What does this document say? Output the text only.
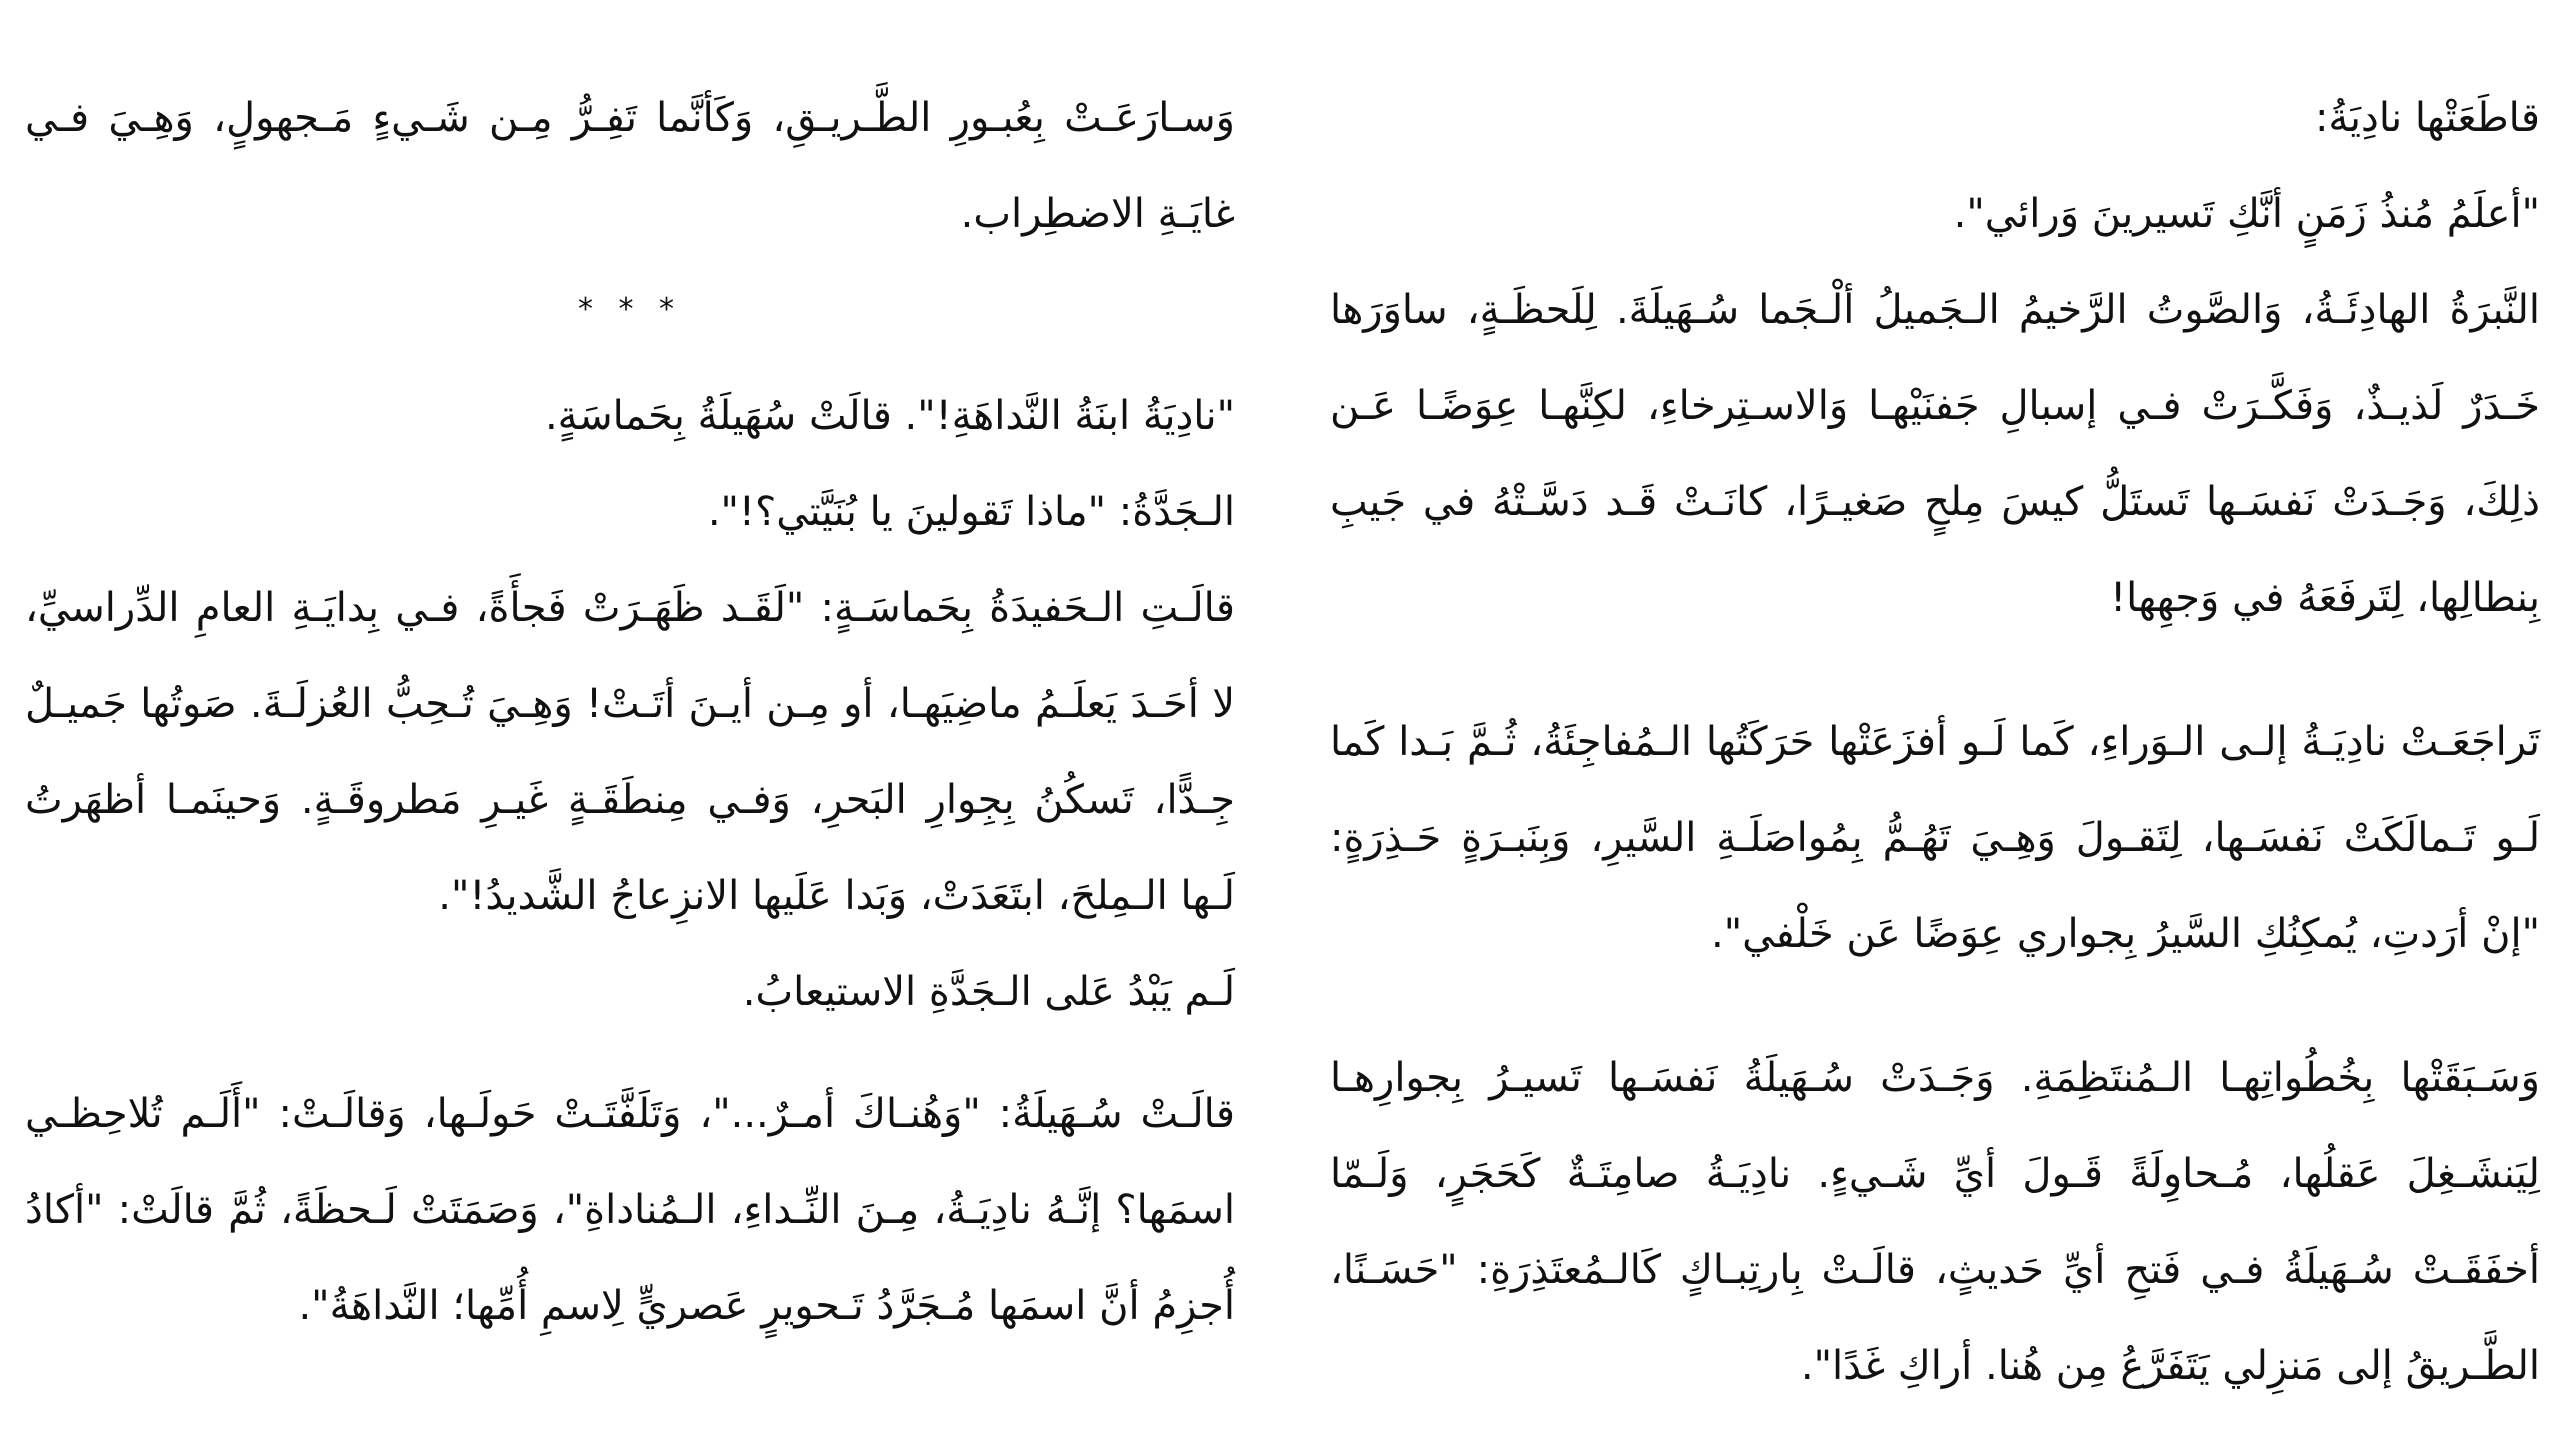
قاطَعَتْها نادِيَةُ:

"أعلَمُ مُنذُ زَمَنٍ أنَّكِ تَسيرينَ وَرائي".

النَّبرَةُ الهادِئَـةُ، وَالصَّوتُ الرَّخيمُ الـجَميلُ ألْـجَما سُـهَيلَةَ. لِلَحظَـةٍ، ساوَرَها خَـدَرٌ لَذيـذٌ، وَفَكَّـرَتْ فـي إسبالِ جَفنَيْهـا وَالاسـتِرخاءِ، لكِنَّهـا عِوَضًـا عَـن ذلِكَ، وَجَـدَتْ نَفسَـها تَستَلُّ كيسَ مِلحٍ صَغيـرًا، كانَـتْ قَـد دَسَّـتْهُ في جَيبِ بِنطالِها، لِتَرفَعَهُ في وَجهِها!

تَراجَعَـتْ نادِيَـةُ إلـى الـوَراءِ، كَما لَـو أفزَعَتْها حَرَكَتُها الـمُفاجِئَةُ، ثُـمَّ بَـدا كَما لَـو تَـمالَكَتْ نَفسَـها، لِتَقـولَ وَهِـيَ تَهُـمُّ بِمُواصَلَـةِ السَّيرِ، وَبِنَبـرَةٍ حَـذِرَةٍ: "إنْ أرَدتِ، يُمكِنُكِ السَّيرُ بِجواري عِوَضًا عَن خَلْفي".

وَسَـبَقَتْها بِخُطُواتِهـا الـمُنتَظِمَةِ. وَجَـدَتْ سُـهَيلَةُ نَفسَـها تَسيـرُ بِجوارِهـا لِيَنشَـغِلَ عَقلُها، مُـحاوِلَةً قَـولَ أيِّ شَـيءٍ. نادِيَـةُ صامِتَـةٌ كَحَجَرٍ، وَلَـمّا أخفَقَـتْ سُـهَيلَةُ فـي فَتحِ أيِّ حَديثٍ، قالَـتْ بِارتِبـاكٍ كَالـمُعتَذِرَةِ: "حَسَـنًا، الطَّـريقُ إلى مَنزِلي يَتَفَرَّعُ مِن هُنا. أراكِ غَدًا".

وَسـارَعَـتْ بِعُبـورِ الطَّـريـقِ، وَكَأنَّما تَفِـرُّ مِـن شَـيءٍ مَـجهولٍ، وَهِـيَ فـي غايَـةِ الاضطِراب.

* * *

"نادِيَةُ ابنَةُ النَّداهَةِ!". قالَتْ سُهَيلَةُ بِحَماسَةٍ.

الـجَدَّةُ: "ماذا تَقولينَ يا بُنَيَّتي؟!".

قالَـتِ الـحَفيدَةُ بِحَماسَـةٍ: "لَقَـد ظَهَـرَتْ فَجأَةً، فـي بِدايَـةِ العامِ الدِّراسيِّ، لا أحَـدَ يَعلَـمُ ماضِيَهـا، أو مِـن أيـنَ أتَـتْ! وَهِـيَ تُـحِبُّ العُزلَـةَ. صَوتُها جَميـلٌ جِـدًّا، تَسكُنُ بِجِوارِ البَحرِ، وَفـي مِنطَقَـةٍ غَيـرِ مَطروقَـةٍ. وَحينَمـا أظهَرتُ لَـها الـمِلحَ، ابتَعَدَتْ، وَبَدا عَلَيها الانزِعاجُ الشَّديدُ!".

لَـم يَبْدُ عَلى الـجَدَّةِ الاستيعابُ.

قالَـتْ سُـهَيلَةُ: "وَهُنـاكَ أمـرٌ..."، وَتَلَفَّتَـتْ حَولَـها، وَقالَـتْ: "أَلَـم تُلاحِظـي اسمَها؟ إنَّـهُ نادِيَـةُ، مِـنَ النِّـداءِ، الـمُناداةِ"، وَصَمَتَتْ لَـحظَةً، ثُمَّ قالَتْ: "أكادُ أُجزِمُ أنَّ اسمَها مُـجَرَّدُ تَـحويرٍ عَصريٍّ لِاسمِ أُمِّها؛ النَّداهَةُ".
